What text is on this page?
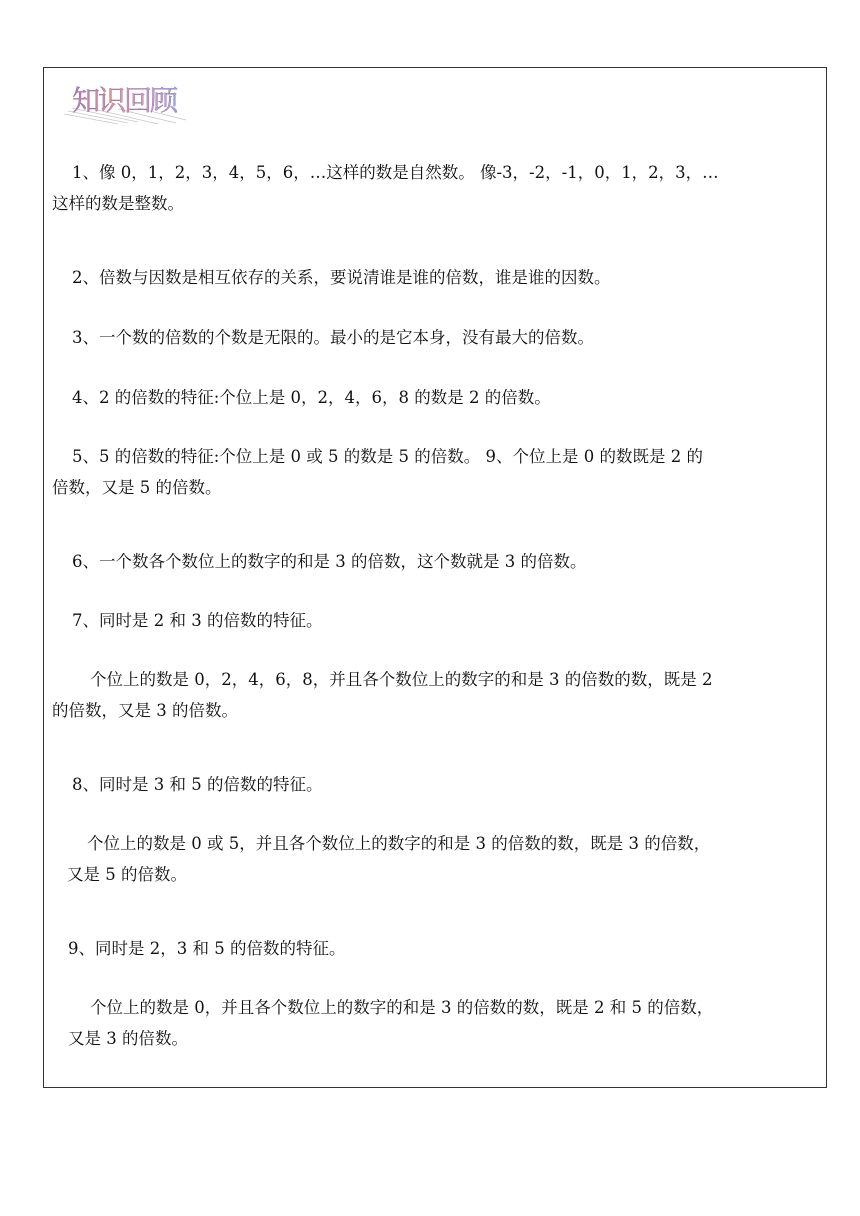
知识回顾
1、像 0，1，2，3，4，5，6，…这样的数是自然数。 像-3，-2，-1，0，1，2，3，…
这样的数是整数。
2、倍数与因数是相互依存的关系，要说清谁是谁的倍数，谁是谁的因数。
3、一个数的倍数的个数是无限的。最小的是它本身，没有最大的倍数。
4、2 的倍数的特征:个位上是 0，2，4，6，8 的数是 2 的倍数。
5、5 的倍数的特征:个位上是 0 或 5 的数是 5 的倍数。 9、个位上是 0 的数既是 2 的
倍数，又是 5 的倍数。
6、一个数各个数位上的数字的和是 3 的倍数，这个数就是 3 的倍数。
7、同时是 2 和 3 的倍数的特征。
个位上的数是 0，2，4，6，8，并且各个数位上的数字的和是 3 的倍数的数，既是 2
的倍数，又是 3 的倍数。
8、同时是 3 和 5 的倍数的特征。
个位上的数是 0 或 5，并且各个数位上的数字的和是 3 的倍数的数，既是 3 的倍数，
又是 5 的倍数。
9、同时是 2，3 和 5 的倍数的特征。
个位上的数是 0，并且各个数位上的数字的和是 3 的倍数的数，既是 2 和 5 的倍数，
又是 3 的倍数。
